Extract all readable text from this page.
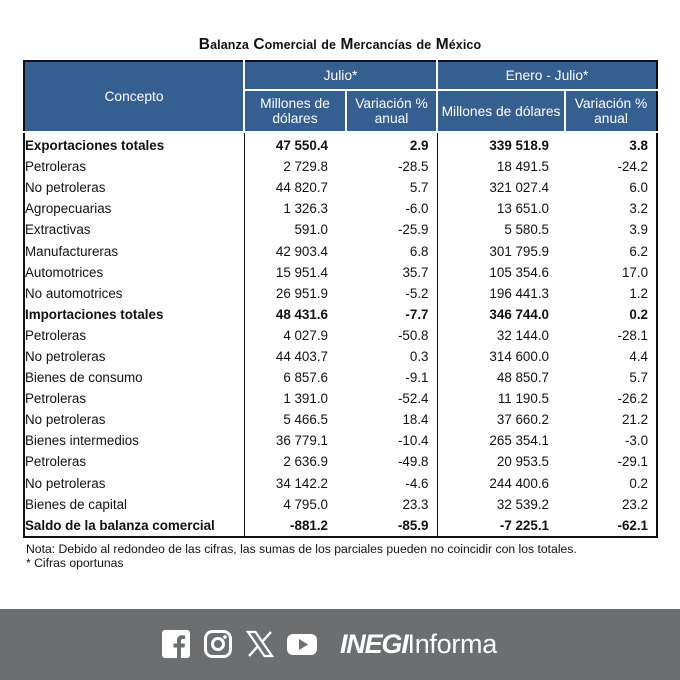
Balanza Comercial de Mercancías de México
Concepto	Julio*		Enero - Julio*	
	Millones de dólares	Variación % anual	Millones de dólares	Variación % anual
Exportaciones totales	47 550.4	2.9	339 518.9	3.8
Petroleras	2 729.8	-28.5	18 491.5	-24.2
No petroleras	44 820.7	5.7	321 027.4	6.0
Agropecuarias	1 326.3	-6.0	13 651.0	3.2
Extractivas	591.0	-25.9	5 580.5	3.9
Manufactureras	42 903.4	6.8	301 795.9	6.2
Automotrices	15 951.4	35.7	105 354.6	17.0
No automotrices	26 951.9	-5.2	196 441.3	1.2
Importaciones totales	48 431.6	-7.7	346 744.0	0.2
Petroleras	4 027.9	-50.8	32 144.0	-28.1
No petroleras	44 403.7	0.3	314 600.0	4.4
Bienes de consumo	6 857.6	-9.1	48 850.7	5.7
Petroleras	1 391.0	-52.4	11 190.5	-26.2
No petroleras	5 466.5	18.4	37 660.2	21.2
Bienes intermedios	36 779.1	-10.4	265 354.1	-3.0
Petroleras	2 636.9	-49.8	20 953.5	-29.1
No petroleras	34 142.2	-4.6	244 400.6	0.2
Bienes de capital	4 795.0	23.3	32 539.2	23.2
Saldo de la balanza comercial	-881.2	-85.9	-7 225.1	-62.1
Nota: Debido al redondeo de las cifras, las sumas de los parciales pueden no coincidir con los totales.
* Cifras oportunas
INEGIInforma
